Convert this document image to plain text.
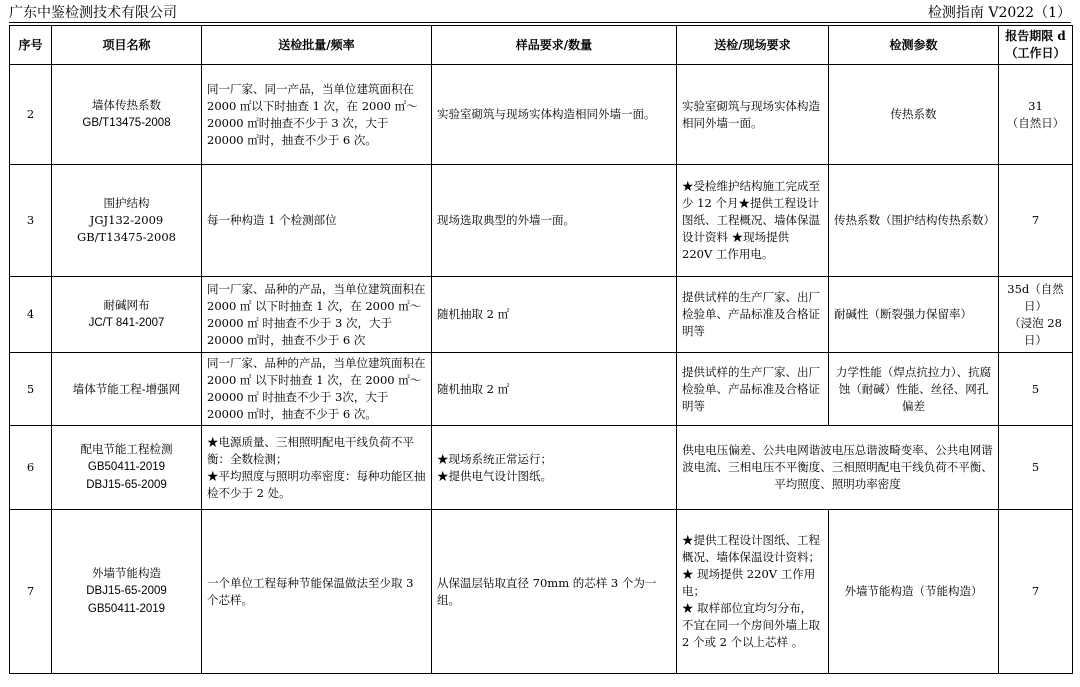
广东中鉴检测技术有限公司	检测指南 V2022（1）
序号	项目名称	送检批量/频率	样品要求/数量	送检/现场要求	检测参数	报告期限 d
（工作日）
2	墙体传热系数
GB/T13475-2008	同一厂家、同一产品，当单位建筑面积在 2000 ㎡以下时抽查 1 次，在 2000 ㎡～20000 ㎡时抽查不少于 3 次，大于 20000 ㎡时，抽查不少于 6 次。	实验室砌筑与现场实体构造相同外墙一面。	实验室砌筑与现场实体构造相同外墙一面。	传热系数	31
（自然日）
3	围护结构
JGJ132-2009
GB/T13475-2008	每一种构造 1 个检测部位	现场选取典型的外墙一面。	★受检维护结构施工完成至少 12 个月★提供工程设计图纸、工程概况、墙体保温设计资料 ★现场提供 220V 工作用电。	传热系数（围护结构传热系数）	7
4	耐碱网布
JC/T 841-2007	同一厂家、品种的产品，当单位建筑面积在 2000 ㎡ 以下时抽查 1 次，在 2000 ㎡～20000 ㎡ 时抽查不少于 3 次，大于 20000 ㎡时，抽查不少于 6 次	随机抽取 2 ㎡	提供试样的生产厂家、出厂检验单、产品标准及合格证明等	耐碱性（断裂强力保留率）	35d（自然日）
（浸泡 28 日）
5	墙体节能工程-增强网	同一厂家、品种的产品，当单位建筑面积在 2000 ㎡ 以下时抽查 1 次，在 2000 ㎡～20000 ㎡ 时抽查不少于 3次，大于 20000 ㎡时，抽查不少于 6 次。	随机抽取 2 ㎡	提供试样的生产厂家、出厂检验单、产品标准及合格证明等	力学性能（焊点抗拉力）、抗腐蚀（耐碱）性能、丝径、网孔偏差	5
6	配电节能工程检测
GB50411-2019
DBJ15-65-2009	★电源质量、三相照明配电干线负荷不平衡：全数检测；
★平均照度与照明功率密度：每种功能区抽检不少于 2 处。	★现场系统正常运行；
★提供电气设计图纸。	供电电压偏差、公共电网谐波电压总谐波畸变率、公共电网谐波电流、三相电压不平衡度、三相照明配电干线负荷不平衡、平均照度、照明功率密度		5
7	外墙节能构造
DBJ15-65-2009
GB50411-2019	一个单位工程每种节能保温做法至少取 3 个芯样。	从保温层钻取直径 70mm 的芯样 3 个为一组。	★提供工程设计图纸、工程概况、墙体保温设计资料；
★ 现场提供 220V 工作用电；
★ 取样部位宜均匀分布，不宜在同一个房间外墙上取 2 个或 2 个以上芯样 。	外墙节能构造（节能构造）	7
